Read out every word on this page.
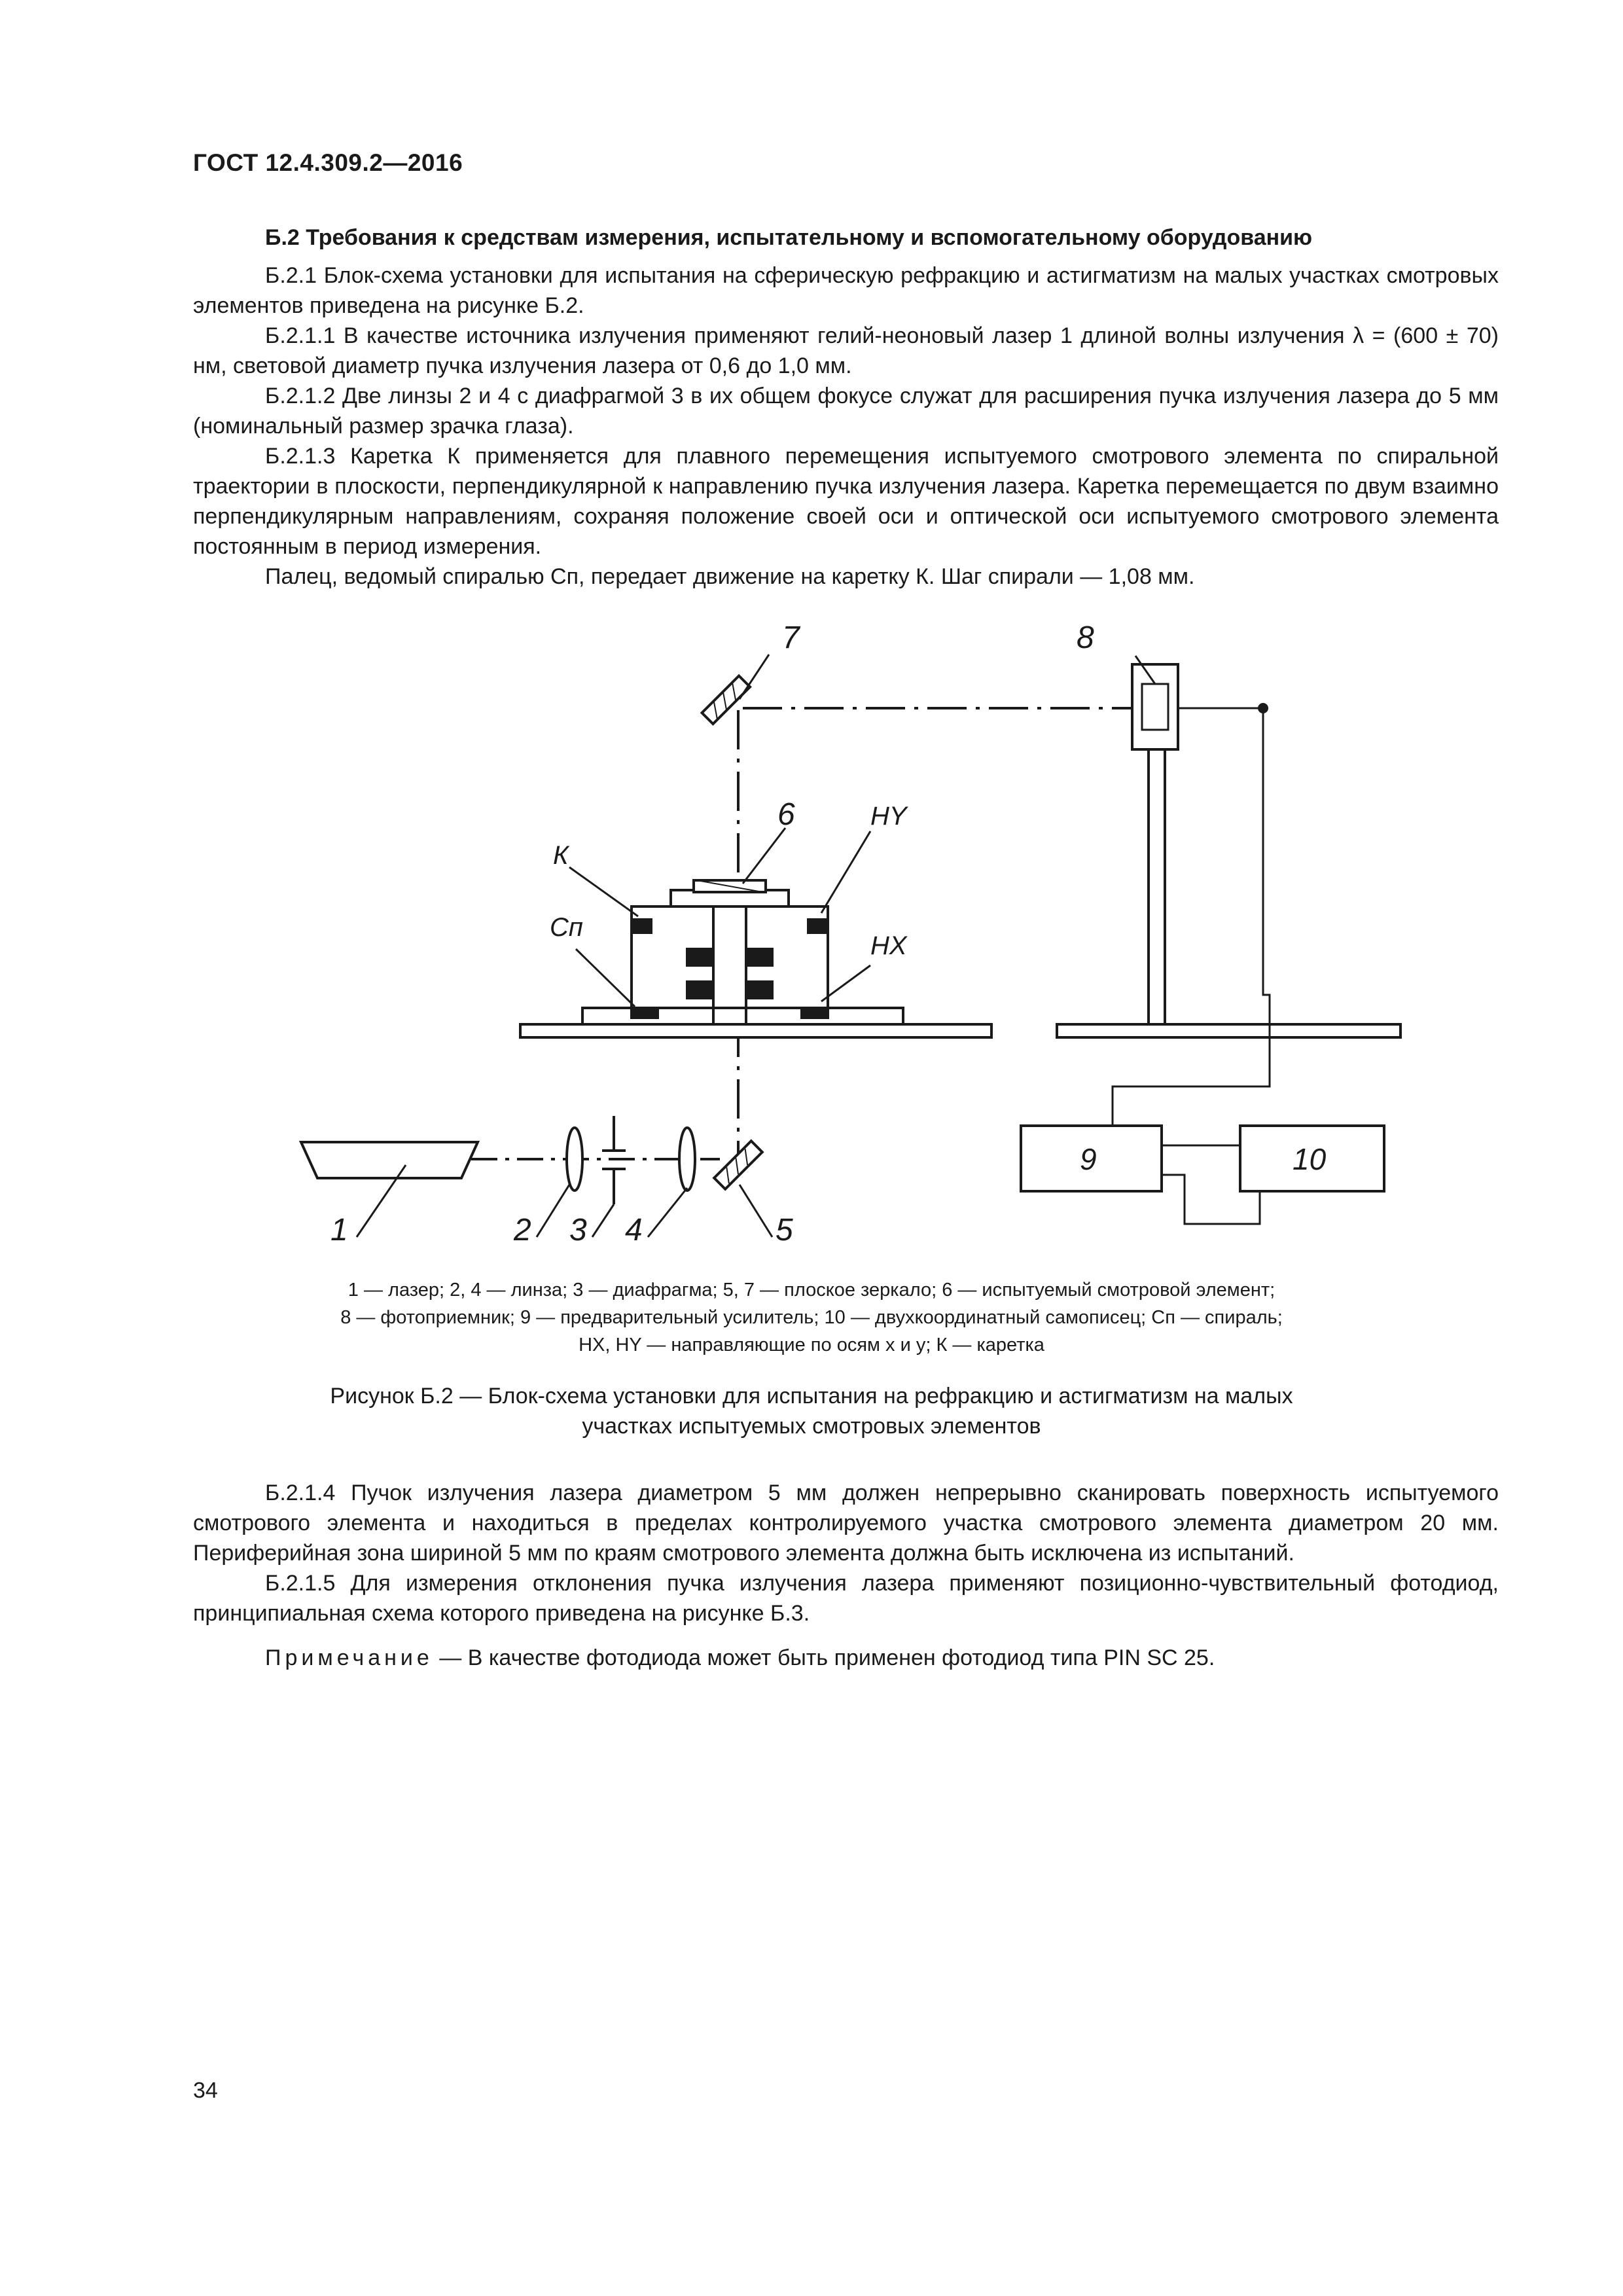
ГОСТ 12.4.309.2—2016
Б.2 Требования к средствам измерения, испытательному и вспомогательному оборудованию
Б.2.1 Блок-схема установки для испытания на сферическую рефракцию и астигматизм на малых участках смотровых элементов приведена на рисунке Б.2.
Б.2.1.1 В качестве источника излучения применяют гелий-неоновый лазер 1 длиной волны излучения λ = (600 ± 70) нм, световой диаметр пучка излучения лазера от 0,6 до 1,0 мм.
Б.2.1.2 Две линзы 2 и 4 с диафрагмой 3 в их общем фокусе служат для расширения пучка излучения лазера до 5 мм (номинальный размер зрачка глаза).
Б.2.1.3 Каретка К применяется для плавного перемещения испытуемого смотрового элемента по спиральной траектории в плоскости, перпендикулярной к направлению пучка излучения лазера. Каретка перемещается по двум взаимно перпендикулярным направлениям, сохраняя положение своей оси и оптической оси испытуемого смотрового элемента постоянным в период измерения.
Палец, ведомый спиралью Сп, передает движение на каретку К. Шаг спирали — 1,08 мм.
7	8
6	HY
К
Сп
HX
9	10
1	2 3 4	5
1 — лазер; 2, 4 — линза; 3 — диафрагма; 5, 7 — плоское зеркало; 6 — испытуемый смотровой элемент;
8 — фотоприемник; 9 — предварительный усилитель; 10 — двухкоординатный самописец; Сп — спираль;
HX, HY — направляющие по осям x и y; К — каретка
Рисунок Б.2 — Блок-схема установки для испытания на рефракцию и астигматизм на малых
участках испытуемых смотровых элементов
Б.2.1.4 Пучок излучения лазера диаметром 5 мм должен непрерывно сканировать поверхность испытуемого смотрового элемента и находиться в пределах контролируемого участка смотрового элемента диаметром 20 мм. Периферийная зона шириной 5 мм по краям смотрового элемента должна быть исключена из испытаний.
Б.2.1.5 Для измерения отклонения пучка излучения лазера применяют позиционно-чувствительный фотодиод, принципиальная схема которого приведена на рисунке Б.3.
Примечание — В качестве фотодиода может быть применен фотодиод типа PIN SC 25.
34
